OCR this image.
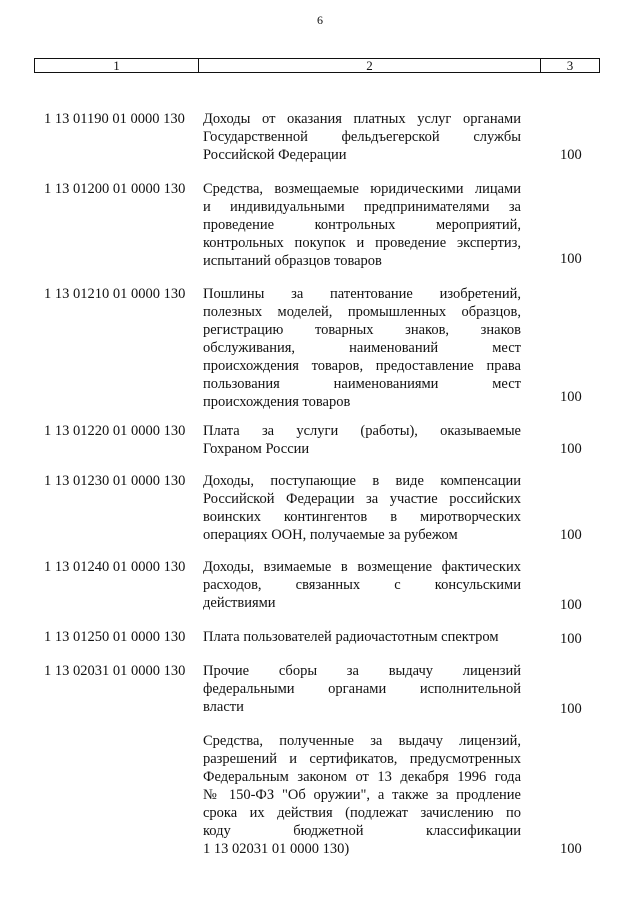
6
1	2	3
1 13 01190 01 0000 130 Доходы от оказания платных услуг органами
Государственной фельдъегерской службы
Российской Федерации	100
1 13 01200 01 0000 130 Средства, возмещаемые юридическими лицами
и индивидуальными предпринимателями за
проведение контрольных мероприятий,
контрольных покупок и проведение экспертиз,
испытаний образцов товаров	100
1 13 01210 01 0000 130 Пошлины за патентование изобретений,
полезных моделей, промышленных образцов,
регистрацию товарных знаков, знаков
обслуживания, наименований мест
происхождения товаров, предоставление права
пользования наименованиями мест
происхождения товаров	100
1 13 01220 01 0000 130 Плата за услуги (работы), оказываемые
Гохраном России	100
1 13 01230 01 0000 130 Доходы, поступающие в виде компенсации
Российской Федерации за участие российских
воинских контингентов в миротворческих
операциях ООН, получаемые за рубежом	100
1 13 01240 01 0000 130 Доходы, взимаемые в возмещение фактических
расходов, связанных с консульскими
действиями	100
1 13 01250 01 0000 130 Плата пользователей радиочастотным спектром	100
1 13 02031 01 0000 130 Прочие сборы за выдачу лицензий
федеральными органами исполнительной
власти	100
Средства, полученные за выдачу лицензий,
разрешений и сертификатов, предусмотренных
Федеральным законом от 13 декабря 1996 года
№ 150-ФЗ "Об оружии", а также за продление
срока их действия (подлежат зачислению по
коду бюджетной классификации
1 13 02031 01 0000 130)	100
